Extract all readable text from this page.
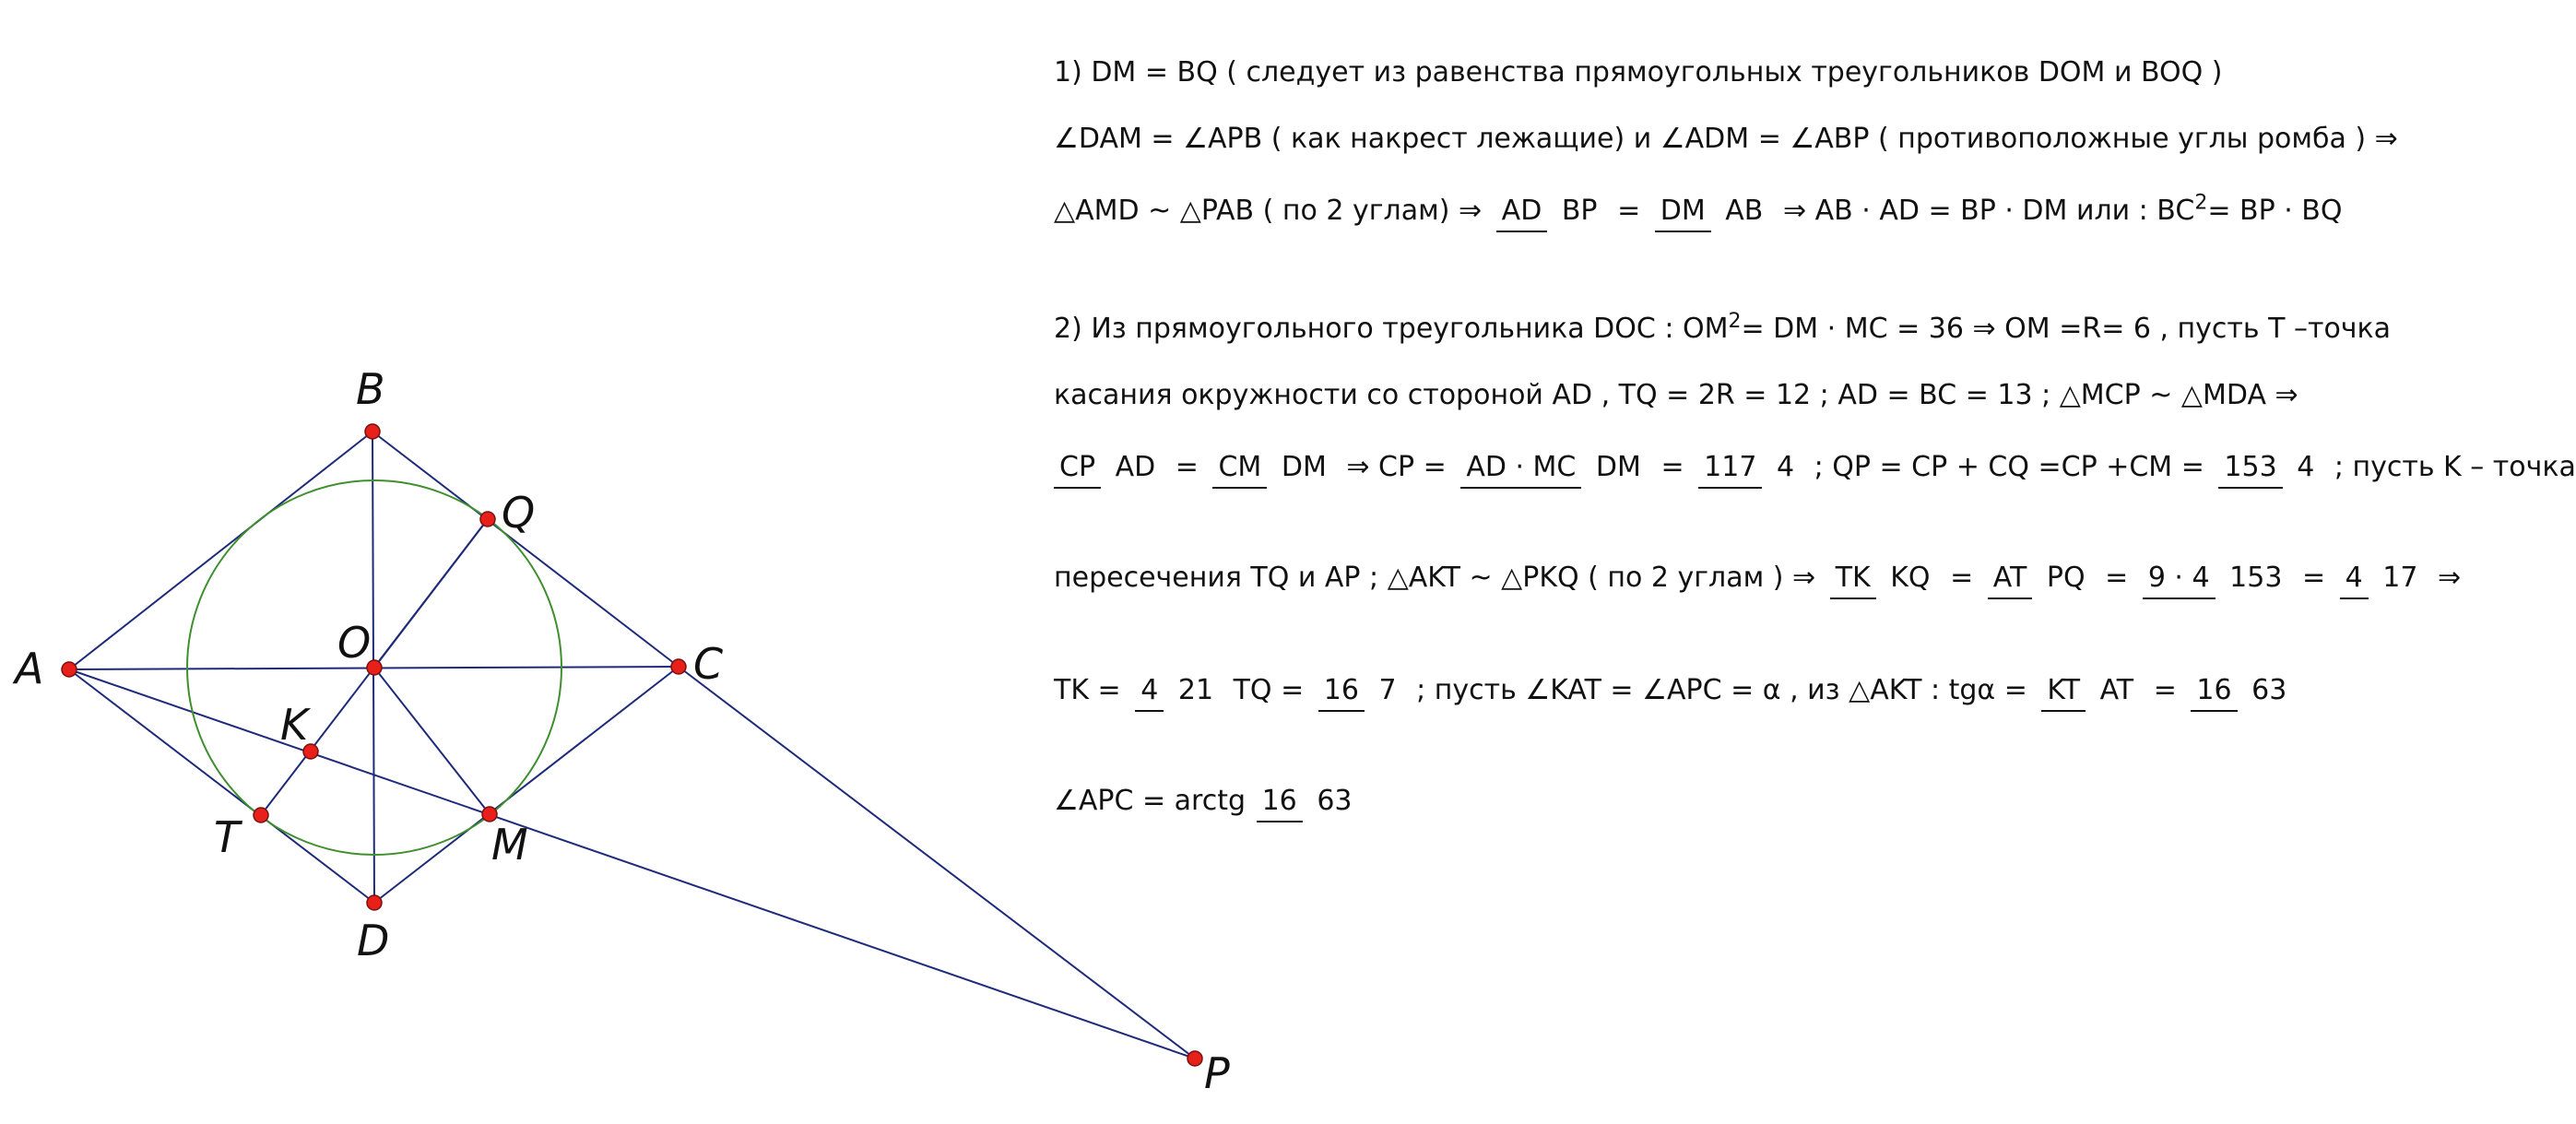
A
B
C
D
O
Q
M
T
K
P
1) DM = BQ ( следует из равенства прямоугольных треугольников DOM и BOQ )
∠DAM = ∠APB ( как накрест лежащие) и ∠ADM = ∠ABP ( противоположные углы ромба ) ⇒
△AMD ~ △PAB ( по 2 углам) ⇒ AD BP = DM AB ⇒ AB · AD = BP · DM или : $BC^2=$ BP · BQ
2) Из прямоугольного треугольника DOC : $OM^2=$ DM · MC = 36 ⇒ OM =R= 6 , пусть T –точка
касания окружности со стороной AD , TQ = 2R = 12 ; AD = BC = 13 ; △MCP ~ △MDA ⇒
CP AD = CM DM ⇒ CP = AD · MC DM = 117 4 ; QP = CP + CQ =CP +CM = 153 4 ; пусть K – точка
пересечения TQ и AP ; △AKT ~ △PKQ ( по 2 углам ) ⇒ TK KQ = AT PQ = 9 · 4 153 = 4 17 ⇒
TK = 4 21 TQ = 16 7 ; пусть ∠KAT = ∠APC = α , из △AKT : tgα = KT AT = 16 63
∠APC = arctg 16 63
